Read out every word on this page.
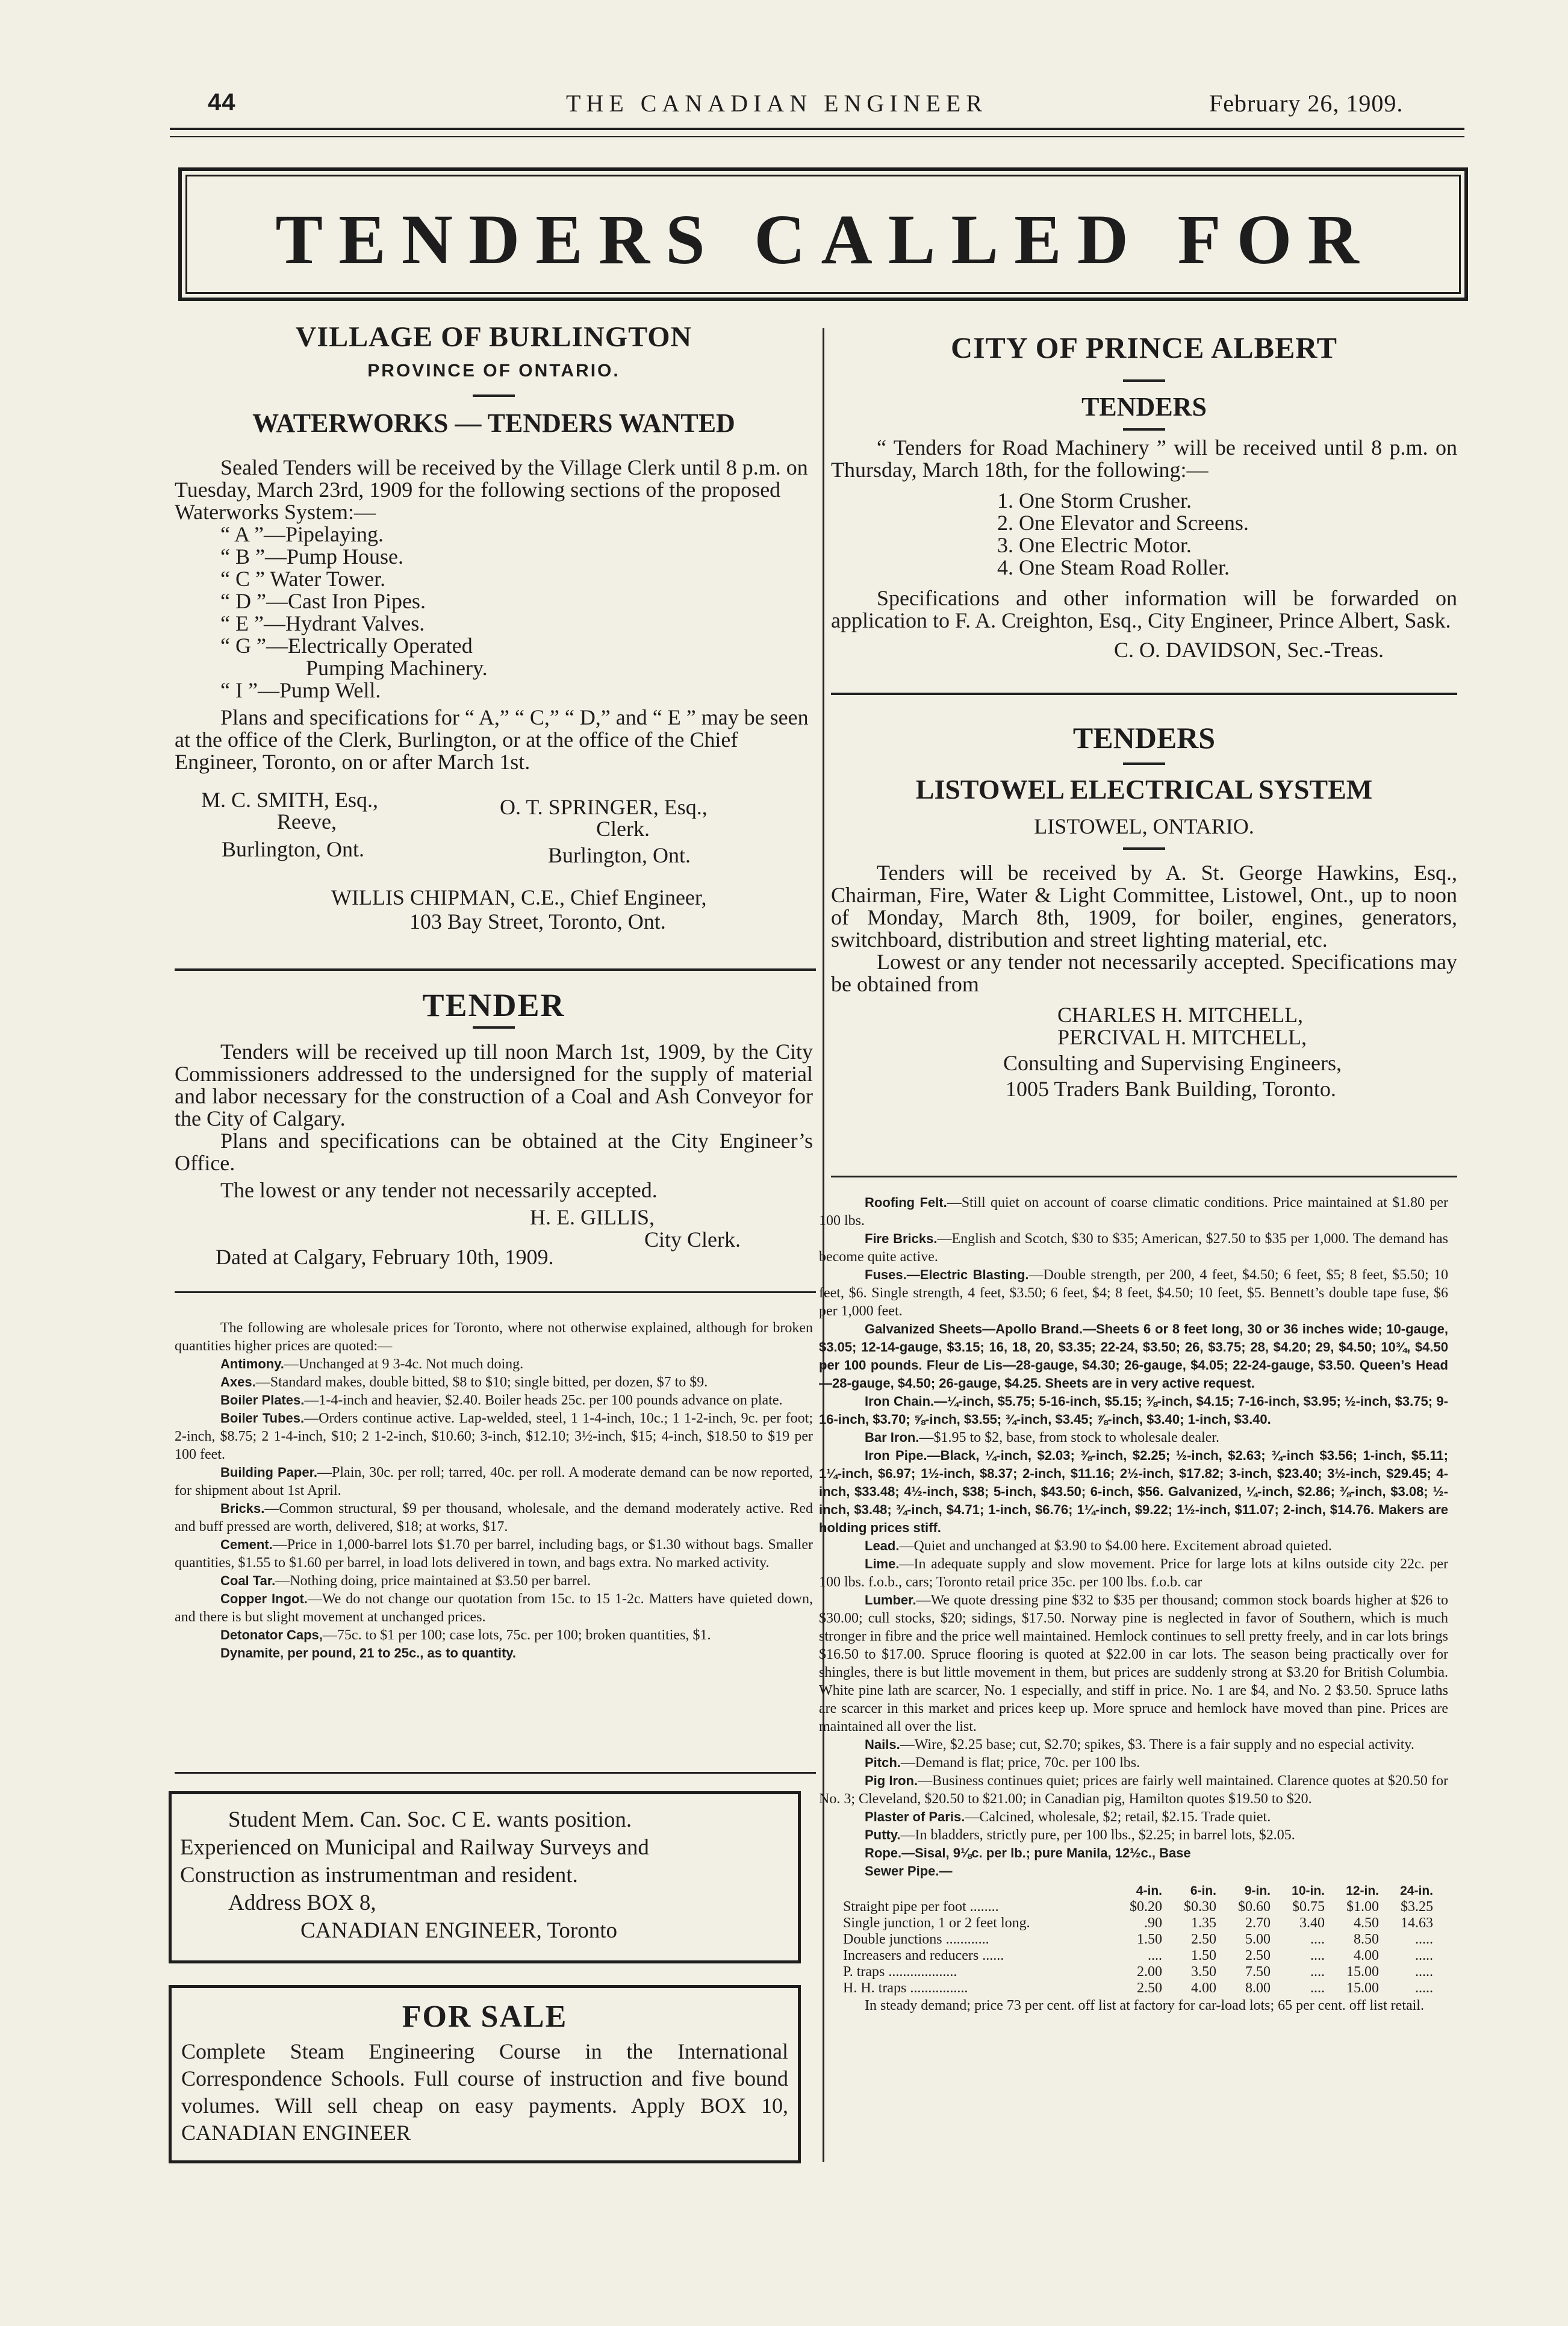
44	THE CANADIAN ENGINEER	February 26, 1909.
TENDERS CALLED FOR
VILLAGE OF BURLINGTON
PROVINCE OF ONTARIO.
WATERWORKS — TENDERS WANTED

Sealed Tenders will be received by the Village Clerk until 8 p.m. on Tuesday, March 23rd, 1909 for the following sections of the proposed Waterworks System:—

“ A ”—Pipelaying.
“ B ”—Pump House.
“ C ” Water Tower.
“ D ”—Cast Iron Pipes.
“ E ”—Hydrant Valves.
“ G ”—Electrically Operated
Pumping Machinery.
“ I ”—Pump Well.

Plans and specifications for “ A,” “ C,” “ D,” and “ E ” may be seen at the office of the Clerk, Burlington, or at the office of the Chief Engineer, Toronto, on or after March 1st.

M. C. SMITH, Esq.,
Reeve,
Burlington, Ont.
O. T. SPRINGER, Esq.,
Clerk.
Burlington, Ont.
WILLIS CHIPMAN, C.E., Chief Engineer,
103 Bay Street, Toronto, Ont.
TENDER

Tenders will be received up till noon March 1st, 1909, by the City Commissioners addressed to the undersigned for the supply of material and labor necessary for the construction of a Coal and Ash Conveyor for the City of Calgary.

Plans and specifications can be obtained at the City Engineer’s Office.

The lowest or any tender not necessarily accepted.

H. E. GILLIS,

City Clerk.

Dated at Calgary, February 10th, 1909.

The following are wholesale prices for Toronto, where not otherwise explained, although for broken quantities higher prices are quoted:—

Antimony.—Unchanged at 9 3-4c. Not much doing.

Axes.—Standard makes, double bitted, $8 to $10; single bitted, per dozen, $7 to $9.

Boiler Plates.—1-4-inch and heavier, $2.40. Boiler heads 25c. per 100 pounds advance on plate.

Boiler Tubes.—Orders continue active. Lap-welded, steel, 1 1-4-inch, 10c.; 1 1-2-inch, 9c. per foot; 2-inch, $8.75; 2 1-4-inch, $10; 2 1-2-inch, $10.60; 3-inch, $12.10; 3½-inch, $15; 4-inch, $18.50 to $19 per 100 feet.

Building Paper.—Plain, 30c. per roll; tarred, 40c. per roll. A moderate demand can be now reported, for shipment about 1st April.

Bricks.—Common structural, $9 per thousand, wholesale, and the demand moderately active. Red and buff pressed are worth, delivered, $18; at works, $17.

Cement.—Price in 1,000-barrel lots $1.70 per barrel, including bags, or $1.30 without bags. Smaller quantities, $1.55 to $1.60 per barrel, in load lots delivered in town, and bags extra. No marked activity.

Coal Tar.—Nothing doing, price maintained at $3.50 per barrel.

Copper Ingot.—We do not change our quotation from 15c. to 15 1-2c. Matters have quieted down, and there is but slight movement at unchanged prices.

Detonator Caps,—75c. to $1 per 100; case lots, 75c. per 100; broken quantities, $1.

Dynamite, per pound, 21 to 25c., as to quantity.

Student Mem. Can. Soc. C E. wants position.
Experienced on Municipal and Railway Surveys and
Construction as instrumentman and resident.
Address BOX 8,
CANADIAN ENGINEER, Toronto
FOR SALE
Complete Steam Engineering Course in the International Correspondence Schools. Full course of instruction and five bound volumes. Will sell cheap on easy payments. Apply BOX 10, CANADIAN ENGINEER
CITY OF PRINCE ALBERT
TENDERS

“ Tenders for Road Machinery ” will be received until 8 p.m. on Thursday, March 18th, for the following:—

1. One Storm Crusher.
2. One Elevator and Screens.
3. One Electric Motor.
4. One Steam Road Roller.

Specifications and other information will be forwarded on application to F. A. Creighton, Esq., City Engineer, Prince Albert, Sask.

C. O. DAVIDSON, Sec.-Treas.

TENDERS
LISTOWEL ELECTRICAL SYSTEM
LISTOWEL, ONTARIO.

Tenders will be received by A. St. George Hawkins, Esq., Chairman, Fire, Water & Light Committee, Listowel, Ont., up to noon of Monday, March 8th, 1909, for boiler, engines, generators, switchboard, distribution and street lighting material, etc.

Lowest or any tender not necessarily accepted. Specifications may be obtained from

CHARLES H. MITCHELL,

PERCIVAL H. MITCHELL,

Consulting and Supervising Engineers,

1005 Traders Bank Building, Toronto.

Roofing Felt.—Still quiet on account of coarse climatic conditions. Price maintained at $1.80 per 100 lbs.

Fire Bricks.—English and Scotch, $30 to $35; American, $27.50 to $35 per 1,000. The demand has become quite active.

Fuses.—Electric Blasting.—Double strength, per 200, 4 feet, $4.50; 6 feet, $5; 8 feet, $5.50; 10 feet, $6. Single strength, 4 feet, $3.50; 6 feet, $4; 8 feet, $4.50; 10 feet, $5. Bennett’s double tape fuse, $6 per 1,000 feet.

Galvanized Sheets—Apollo Brand.—Sheets 6 or 8 feet long, 30 or 36 inches wide; 10-gauge, $3.05; 12-14-gauge, $3.15; 16, 18, 20, $3.35; 22-24, $3.50; 26, $3.75; 28, $4.20; 29, $4.50; 10¾, $4.50 per 100 pounds. Fleur de Lis—28-gauge, $4.30; 26-gauge, $4.05; 22-24-gauge, $3.50. Queen’s Head—28-gauge, $4.50; 26-gauge, $4.25. Sheets are in very active request.

Iron Chain.—¼-inch, $5.75; 5-16-inch, $5.15; ⅜-inch, $4.15; 7-16-inch, $3.95; ½-inch, $3.75; 9-16-inch, $3.70; ⅝-inch, $3.55; ¾-inch, $3.45; ⅞-inch, $3.40; 1-inch, $3.40.

Bar Iron.—$1.95 to $2, base, from stock to wholesale dealer.

Iron Pipe.—Black, ¼-inch, $2.03; ⅜-inch, $2.25; ½-inch, $2.63; ¾-inch $3.56; 1-inch, $5.11; 1¼-inch, $6.97; 1½-inch, $8.37; 2-inch, $11.16; 2½-inch, $17.82; 3-inch, $23.40; 3½-inch, $29.45; 4-inch, $33.48; 4½-inch, $38; 5-inch, $43.50; 6-inch, $56. Galvanized, ¼-inch, $2.86; ⅜-inch, $3.08; ½-inch, $3.48; ¾-inch, $4.71; 1-inch, $6.76; 1¼-inch, $9.22; 1½-inch, $11.07; 2-inch, $14.76. Makers are holding prices stiff.

Lead.—Quiet and unchanged at $3.90 to $4.00 here. Excitement abroad quieted.

Lime.—In adequate supply and slow movement. Price for large lots at kilns outside city 22c. per 100 lbs. f.o.b., cars; Toronto retail price 35c. per 100 lbs. f.o.b. car

Lumber.—We quote dressing pine $32 to $35 per thousand; common stock boards higher at $26 to $30.00; cull stocks, $20; sidings, $17.50. Norway pine is neglected in favor of Southern, which is much stronger in fibre and the price well maintained. Hemlock continues to sell pretty freely, and in car lots brings $16.50 to $17.00. Spruce flooring is quoted at $22.00 in car lots. The season being practically over for shingles, there is but little movement in them, but prices are suddenly strong at $3.20 for British Columbia. White pine lath are scarcer, No. 1 especially, and stiff in price. No. 1 are $4, and No. 2 $3.50. Spruce laths are scarcer in this market and prices keep up. More spruce and hemlock have moved than pine. Prices are maintained all over the list.

Nails.—Wire, $2.25 base; cut, $2.70; spikes, $3. There is a fair supply and no especial activity.

Pitch.—Demand is flat; price, 70c. per 100 lbs.

Pig Iron.—Business continues quiet; prices are fairly well maintained. Clarence quotes at $20.50 for No. 3; Cleveland, $20.50 to $21.00; in Canadian pig, Hamilton quotes $19.50 to $20.

Plaster of Paris.—Calcined, wholesale, $2; retail, $2.15. Trade quiet.

Putty.—In bladders, strictly pure, per 100 lbs., $2.25; in barrel lots, $2.05.

Rope.—Sisal, 9⅛c. per lb.; pure Manila, 12½c., Base

Sewer Pipe.—

	4-in.	6-in.	9-in.	10-in.	12-in.	24-in.
Straight pipe per foot ........	$0.20	$0.30	$0.60	$0.75	$1.00	$3.25
Single junction, 1 or 2 feet long.	.90	1.35	2.70	3.40	4.50	14.63
Double junctions ............	1.50	2.50	5.00	....	8.50	.....
Increasers and reducers ......	....	1.50	2.50	....	4.00	.....
P. traps ...................	2.00	3.50	7.50	....	15.00	.....
H. H. traps ................	2.50	4.00	8.00	....	15.00	.....

In steady demand; price 73 per cent. off list at factory for car-load lots; 65 per cent. off list retail.
